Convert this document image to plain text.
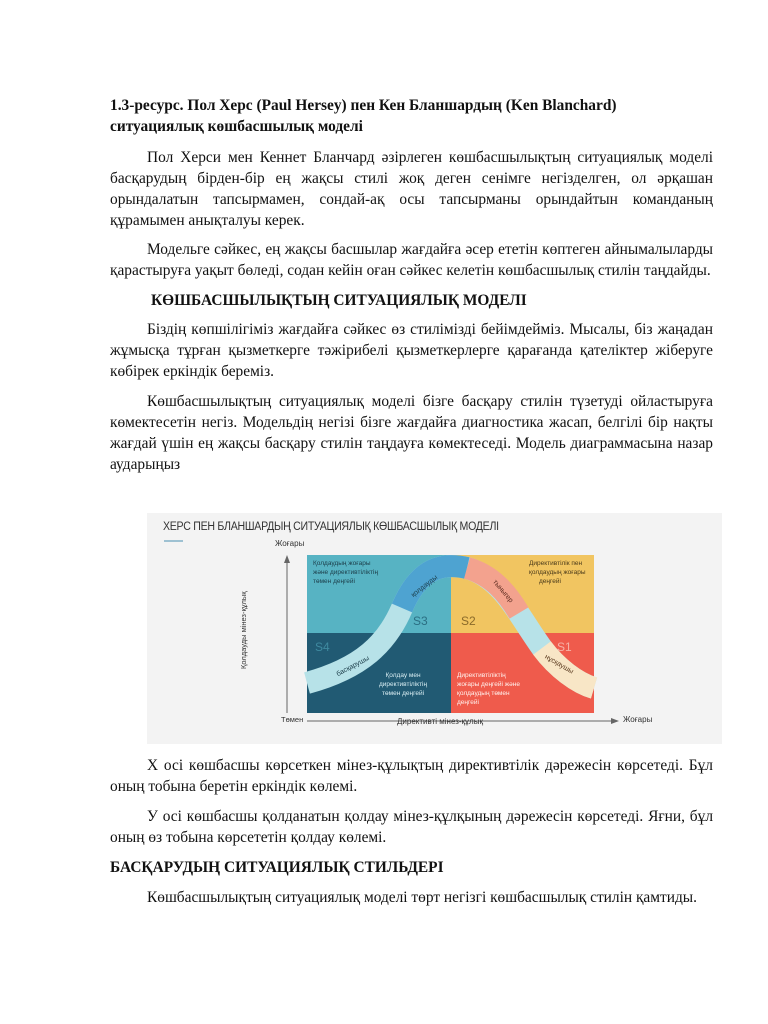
1.3-ресурс. Пол Херс (Paul Hersey) пен Кен Бланшардың (Ken Blanchard)
ситуациялық көшбасшылық моделі

Пол Херси мен Кеннет Бланчард әзірлеген көшбасшылықтың ситуациялық моделі басқарудың бірден-бір ең жақсы стилі жоқ деген сенімге негізделген, ол әрқашан орындалатын тапсырмамен, сондай-ақ осы тапсырманы орындайтын команданың құрамымен анықталуы керек.

Модельге сәйкес, ең жақсы басшылар жағдайға әсер ететін көптеген айнымалыларды қарастыруға уақыт бөледі, содан кейін оған сәйкес келетін көшбасшылық стилін таңдайды.

КӨШБАСШЫЛЫҚТЫҢ СИТУАЦИЯЛЫҚ МОДЕЛІ

Біздің көпшілігіміз жағдайға сәйкес өз стилімізді бейімдейміз. Мысалы, біз жаңадан жұмысқа тұрған қызметкерге тәжірибелі қызметкерлерге қарағанда қателіктер жіберуге көбірек еркіндік береміз.

Көшбасшылықтың ситуациялық моделі бізге басқару стилін түзетуді ойластыруға көмектесетін негіз. Модельдің негізі бізге жағдайға диагностика жасап, белгілі бір нақты жағдай үшін ең жақсы басқару стилін таңдауға көмектеседі. Модель диаграммасына назар аударыңыз

ХЕРС ПЕН БЛАНШАРДЫҢ СИТУАЦИЯЛЫҚ КӨШБАСШЫЛЫҚ МОДЕЛІ
Жоғары
Қолдауды мінез-құлық
Төмен	Директивті мінез-құлық	Жоғары
Қолдаудың жоғары
және директивтіліктің
төмен деңгейі
Директивтілік пен
қолдаудың жоғары
деңгейі
Қолдау мен
директивтіліктің
төмен деңгейі
Директивтіліктің
жоғары деңгейі және
қолдаудың төмен
деңгейі
S3	S2
S4	S1
басқарушы
қолдауды	тыныгер
нұсқаушы

Х осі көшбасшы көрсеткен мінез-құлықтың директивтілік дәрежесін көрсетеді. Бұл оның тобына беретін еркіндік көлемі.

У осі көшбасшы қолданатын қолдау мінез-құлқының дәрежесін көрсетеді. Яғни, бұл оның өз тобына көрсететін қолдау көлемі.

БАСҚАРУДЫҢ СИТУАЦИЯЛЫҚ СТИЛЬДЕРІ

Көшбасшылықтың ситуациялық моделі төрт негізгі көшбасшылық стилін қамтиды.
